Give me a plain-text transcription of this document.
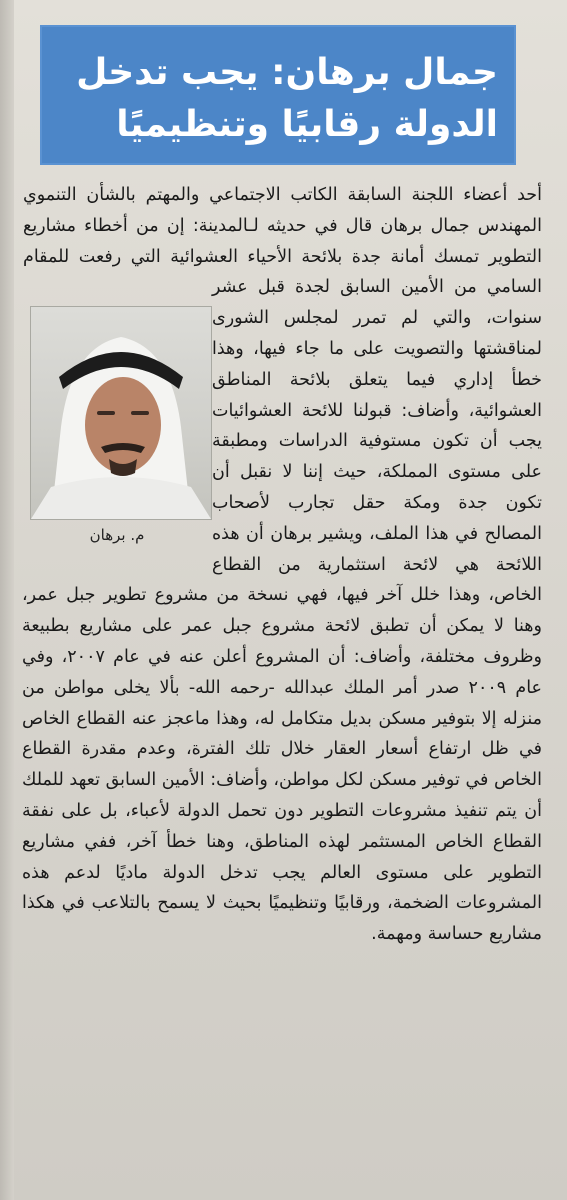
جمال برهان: يجب تدخل
الدولة رقابيًا وتنظيميًا
م. برهان
أحد أعضاء اللجنة السابقة الكاتب الاجتماعي والمهتم بالشأن التنموي المهندس جمال برهان قال في حديثه لـالمدينة: إن من أخطاء مشاريع التطوير تمسك أمانة جدة بلائحة الأحياء العشوائية التي رفعت للمقام السامي من الأمين السابق لجدة قبل عشر سنوات، والتي لم تمرر لمجلس الشورى لمناقشتها والتصويت على ما جاء فيها، وهذا خطأ إداري فيما يتعلق بلائحة المناطق العشوائية، وأضاف: قبولنا للائحة العشوائيات يجب أن تكون مستوفية الدراسات ومطبقة على مستوى المملكة، حيث إننا لا نقبل أن تكون جدة ومكة حقل تجارب لأصحاب المصالح في هذا الملف، ويشير برهان أن هذه اللائحة هي لائحة استثمارية من القطاع الخاص، وهذا خلل آخر فيها، فهي نسخة من مشروع تطوير جبل عمر، وهنا لا يمكن أن تطبق لائحة مشروع جبل عمر على مشاريع بطبيعة وظروف مختلفة، وأضاف: أن المشروع أعلن عنه في عام ٢٠٠٧، وفي عام ٢٠٠٩ صدر أمر الملك عبدالله -رحمه الله- بألا يخلى مواطن من منزله إلا بتوفير مسكن بديل متكامل له، وهذا ماعجز عنه القطاع الخاص في ظل ارتفاع أسعار العقار خلال تلك الفترة، وعدم مقدرة القطاع الخاص في توفير مسكن لكل مواطن، وأضاف: الأمين السابق تعهد للملك أن يتم تنفيذ مشروعات التطوير دون تحمل الدولة لأعباء، بل على نفقة القطاع الخاص المستثمر لهذه المناطق، وهنا خطأ آخر، ففي مشاريع التطوير على مستوى العالم يجب تدخل الدولة ماديًا لدعم هذه المشروعات الضخمة، ورقابيًا وتنظيميًا بحيث لا يسمح بالتلاعب في هكذا مشاريع حساسة ومهمة.
